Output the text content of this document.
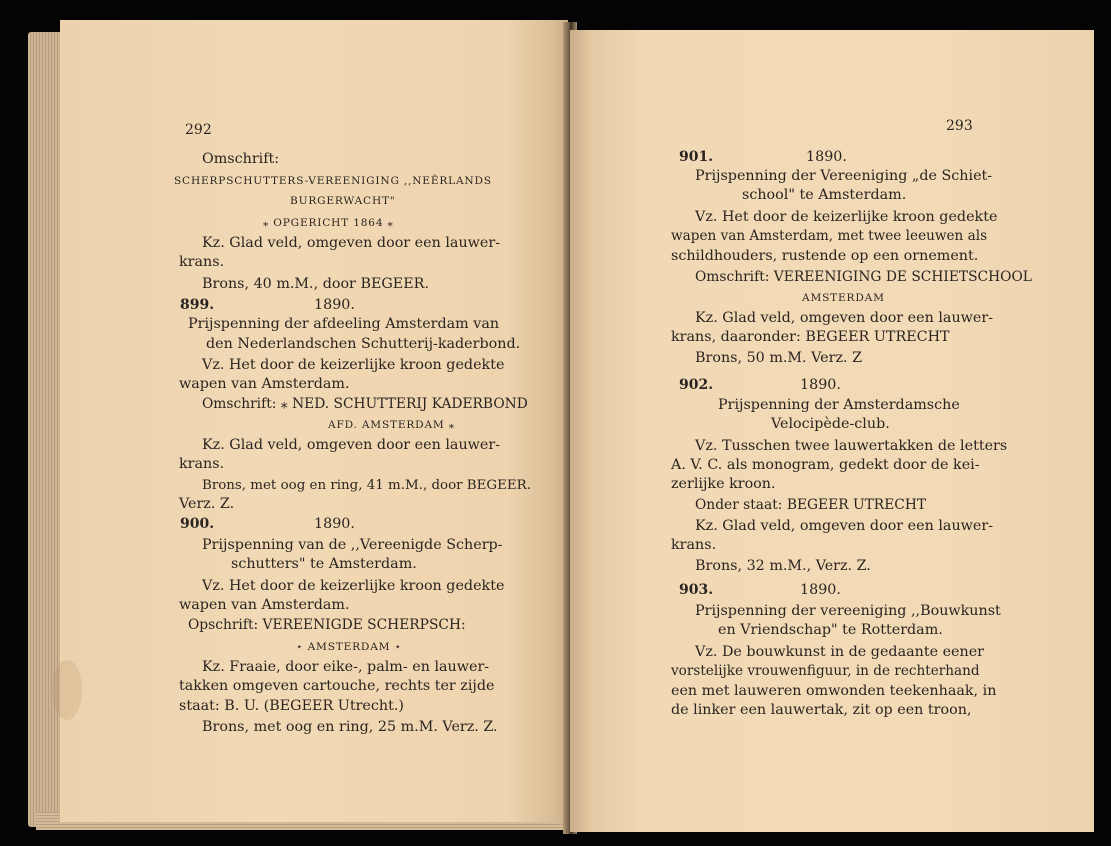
292
Omschrift:
SCHERPSCHUTTERS-VEREENIGING ,,NEÊRLANDS
BURGERWACHT"
⁎ OPGERICHT 1864 ⁎
Kz. Glad veld, omgeven door een lauwer-
krans.
Brons, 40 m.M., door BEGEER.
899.	1890.
Prijspenning der afdeeling Amsterdam van
den Nederlandschen Schutterij-kaderbond.
Vz. Het door de keizerlijke kroon gedekte
wapen van Amsterdam.
Omschrift: ⁎ NED. SCHUTTERIJ KADERBOND
AFD. AMSTERDAM ⁎
Kz. Glad veld, omgeven door een lauwer-
krans.
Brons, met oog en ring, 41 m.M., door BEGEER.
Verz. Z.
900.	1890.
Prijspenning van de ,,Vereenigde Scherp-
schutters" te Amsterdam.
Vz. Het door de keizerlijke kroon gedekte
wapen van Amsterdam.
Opschrift: VEREENIGDE SCHERPSCH:
⋆ AMSTERDAM ⋆
Kz. Fraaie, door eike-, palm- en lauwer-
takken omgeven cartouche, rechts ter zijde
staat: B. U. (BEGEER Utrecht.)
Brons, met oog en ring, 25 m.M. Verz. Z.
293
901.	1890.
Prijspenning der Vereeniging „de Schiet-
school" te Amsterdam.
Vz. Het door de keizerlijke kroon gedekte
wapen van Amsterdam, met twee leeuwen als
schildhouders, rustende op een ornement.
Omschrift: VEREENIGING DE SCHIETSCHOOL
AMSTERDAM
Kz. Glad veld, omgeven door een lauwer-
krans, daaronder: BEGEER UTRECHT
Brons, 50 m.M. Verz. Z
902.	1890.
Prijspenning der Amsterdamsche
Velocipède-club.
Vz. Tusschen twee lauwertakken de letters
A. V. C. als monogram, gedekt door de kei-
zerlijke kroon.
Onder staat: BEGEER UTRECHT
Kz. Glad veld, omgeven door een lauwer-
krans.
Brons, 32 m.M., Verz. Z.
903.	1890.
Prijspenning der vereeniging ,,Bouwkunst
en Vriendschap" te Rotterdam.
Vz. De bouwkunst in de gedaante eener
vorstelijke vrouwenfiguur, in de rechterhand
een met lauweren omwonden teekenhaak, in
de linker een lauwertak, zit op een troon,
